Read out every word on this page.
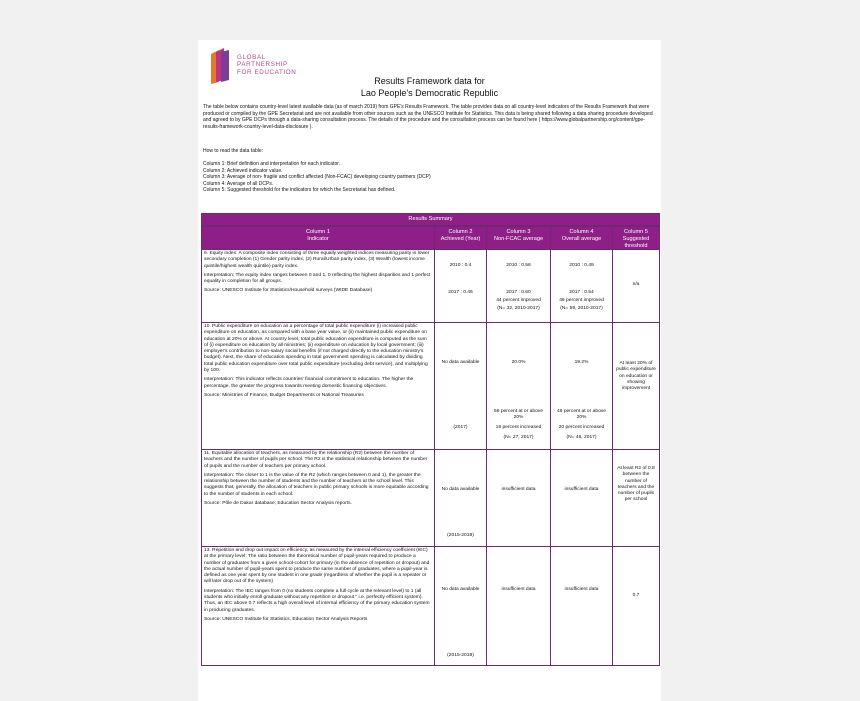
GLOBAL
PARTNERSHIP
FOR EDUCATION
Results Framework data for
Lao People's Democratic Republic

The table below contains country-level latest available data (as of march 2019) from GPE's Results Framework. The table provides data on all country-level indicators of the Results Framework that were produced or compiled by the GPE Secretariat and are not available from other sources such as the UNESCO Institute for Statistics. This data is being shared following a data sharing procedure developed and agreed to by GPE DCPs through a data-sharing consultation process. The details of the procedure and the consultation process can be found here ( https://www.globalpartnership.org/content/gpe-results-framework-country-level-data-disclosure ).

How to read the data table:

Column 1: Brief definition and interpretation for each indicator.

Column 2: Achieved indicator value.

Column 3: Average of non- fragile and conflict affected (Non-FCAC) developing country partners (DCP)

Column 4: Average of all DCPs.

Column 5: Suggested threshold for the indicators for which the Secretariat has defined.

Results Summary
Column 1
Indicator
Column 2
Achieved (Year)
Column 3
Non-FCAC average
Column 4
Overall average
Column 5
Suggested threshold

9. Equity index: A composite index consisting of three equally weighted indices measuring parity in lower secondary completion (1) Gender parity index, (2) Rural/Urban parity index, (3) Wealth (lowest income quintile/highest wealth quintile) parity index.

Interpretation: The equity index ranges between 0 and 1, 0 reflecting the highest disparities and 1 perfect equality in completion for all groups.

Source: UNESCO Institute for Statistics/Household surveys (WIDE Database)

2010 : 0.4
2017 : 0.46
2010 : 0.56
2017 : 0.60
44 percent improved
(N= 32, 2010-2017)
2010 : 0.49
2017 : 0.54
46 percent improved
(N= 59, 2010-2017)
n/a

10. Public expenditure on education as a percentage of total public expenditure (i) increased public expenditure on education, as compared with a base year value, or (ii) maintained public expenditure on education at 20% or above. At country level, total public education expenditure is computed as the sum of (i) expenditure on education by all ministries; (ii) expenditure on education by local government; (iii) employer's contribution to non-salary social benefits (if not charged directly to the education ministry's budget). Next, the share of education spending in total government spending is calculated by dividing total public education expenditure over total public expenditure (excluding debt service), and multiplying by 100.

Interpretation: This indicator reflects countries' financial commitment to education. The higher the percentage, the greater the progress towards meeting domestic financing objectives.

Source: Ministries of Finance, Budget Departments or National Treasuries

No data available
(2017)
20.0%
56 percent at or above 20%
19 percent increased
(N= 27, 2017)
19.2%
46 percent at or above 20%
20 percent increased
(N= 46, 2017)
At least 20% of public expenditure on education or showing improvement

11. Equitable allocation of teachers, as measured by the relationship (R2) between the number of teachers and the number of pupils per school. The R2 is the statistical relationship between the number of pupils and the number of teachers per primary school.

Interpretation: The closer to 1 is the value of the R2 (which ranges between 0 and 1), the greater the relationship between the number of students and the number of teachers at the school level. This suggests that, generally, the allocation of teachers in public primary schools is more equitable according to the number of students in each school.

Source: Pôle de Dakar database; Education Sector Analysis reports.

No data available
(2015-2018)
insufficient data	insufficient data
At least R2 of 0.8 between the number of teachers and the number of pupils per school

13. Repetition and drop out impact on efficiency, as measured by the internal efficiency coefficient (IEC) at the primary level: The ratio between the theoretical number of pupil-years required to produce a number of graduates from a given school-cohort for primary (in the absence of repetition or dropout) and the actual number of pupil-years spent to produce the same number of graduates, where a pupil-year is defined as one year spent by one student in one grade (regardless of whether the pupil is a repeater or will later drop out of the system)

Interpretation: The IEC ranges from 0 (no students complete a full cycle at the relevant level) to 1 (all students who initially enroll graduate without any repetition or dropout " i.e. perfectly efficient system). Thus, an IEC above 0.7 reflects a high overall level of internal efficiency of the primary education system in producing graduates.

Source: UNESCO Institute for Statistics, Education Sector Analysis Reports

No data available
(2015-2018)
insufficient data	insufficient data
0.7
